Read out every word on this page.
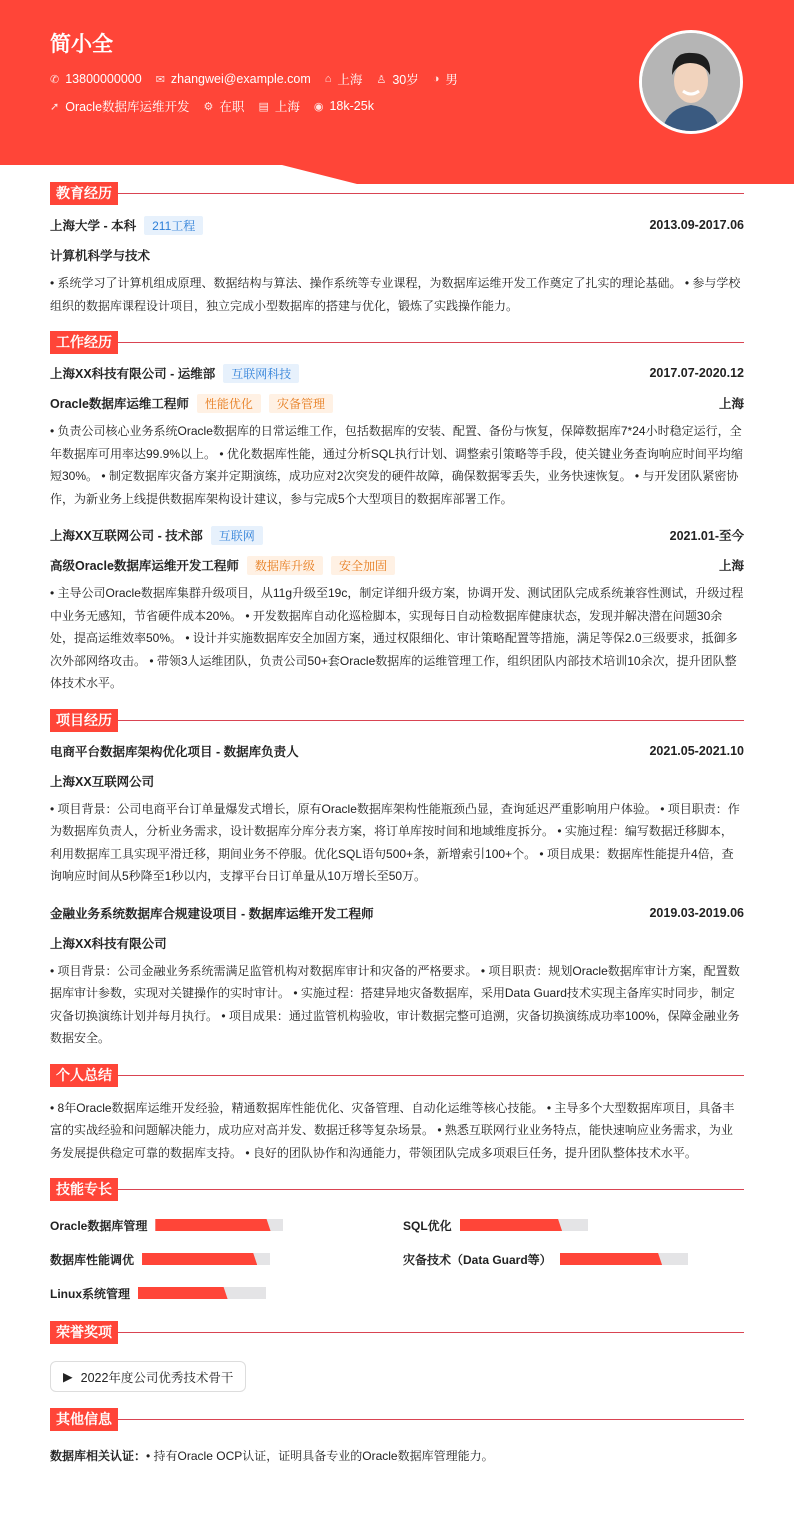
简小全
✆ 13800000000 ✉ zhangwei@example.com ⌂ 上海 ♙ 30岁 ◑ 男
➚ Oracle数据库运维开发 ⚙ 在职 ▤ 上海 ◉ 18k-25k
教育经历
上海大学 - 本科	211工程	2013.09-2017.06
计算机科学与技术
• 系统学习了计算机组成原理、数据结构与算法、操作系统等专业课程，为数据库运维开发工作奠定了扎实的理论基础。 • 参与学校组织的数据库课程设计项目，独立完成小型数据库的搭建与优化，锻炼了实践操作能力。
工作经历
上海XX科技有限公司 - 运维部	互联网科技	2017.07-2020.12
Oracle数据库运维工程师	性能优化	灾备管理	上海
• 负责公司核心业务系统Oracle数据库的日常运维工作，包括数据库的安装、配置、备份与恢复，保障数据库7*24小时稳定运行，全年数据库可用率达99.9%以上。 • 优化数据库性能，通过分析SQL执行计划、调整索引策略等手段，使关键业务查询响应时间平均缩短30%。 • 制定数据库灾备方案并定期演练，成功应对2次突发的硬件故障，确保数据零丢失，业务快速恢复。 • 与开发团队紧密协作，为新业务上线提供数据库架构设计建议，参与完成5个大型项目的数据库部署工作。
上海XX互联网公司 - 技术部	互联网	2021.01-至今
高级Oracle数据库运维开发工程师	数据库升级	安全加固	上海
• 主导公司Oracle数据库集群升级项目，从11g升级至19c，制定详细升级方案，协调开发、测试团队完成系统兼容性测试，升级过程中业务无感知，节省硬件成本20%。 • 开发数据库自动化巡检脚本，实现每日自动检数据库健康状态，发现并解决潜在问题30余处，提高运维效率50%。 • 设计并实施数据库安全加固方案，通过权限细化、审计策略配置等措施，满足等保2.0三级要求，抵御多次外部网络攻击。 • 带领3人运维团队，负责公司50+套Oracle数据库的运维管理工作，组织团队内部技术培训10余次，提升团队整体技术水平。
项目经历
电商平台数据库架构优化项目 - 数据库负责人	2021.05-2021.10
上海XX互联网公司
• 项目背景：公司电商平台订单量爆发式增长，原有Oracle数据库架构性能瓶颈凸显，查询延迟严重影响用户体验。 • 项目职责：作为数据库负责人，分析业务需求，设计数据库分库分表方案，将订单库按时间和地域维度拆分。 • 实施过程：编写数据迁移脚本，利用数据库工具实现平滑迁移，期间业务不停服。优化SQL语句500+条，新增索引100+个。 • 项目成果：数据库性能提升4倍，查询响应时间从5秒降至1秒以内，支撑平台日订单量从10万增长至50万。
金融业务系统数据库合规建设项目 - 数据库运维开发工程师	2019.03-2019.06
上海XX科技有限公司
• 项目背景：公司金融业务系统需满足监管机构对数据库审计和灾备的严格要求。 • 项目职责：规划Oracle数据库审计方案，配置数据库审计参数，实现对关键操作的实时审计。 • 实施过程：搭建异地灾备数据库，采用Data Guard技术实现主备库实时同步，制定灾备切换演练计划并每月执行。 • 项目成果：通过监管机构验收，审计数据完整可追溯，灾备切换演练成功率100%，保障金融业务数据安全。
个人总结
• 8年Oracle数据库运维开发经验，精通数据库性能优化、灾备管理、自动化运维等核心技能。 • 主导多个大型数据库项目，具备丰富的实战经验和问题解决能力，成功应对高并发、数据迁移等复杂场景。 • 熟悉互联网行业业务特点，能快速响应业务需求，为业务发展提供稳定可靠的数据库支持。 • 良好的团队协作和沟通能力，带领团队完成多项艰巨任务，提升团队整体技术水平。
技能专长
Oracle数据库管理	SQL优化
数据库性能调优	灾备技术（Data Guard等）
Linux系统管理
荣誉奖项
▶ 2022年度公司优秀技术骨干
其他信息
数据库相关认证：• 持有Oracle OCP认证，证明具备专业的Oracle数据库管理能力。
